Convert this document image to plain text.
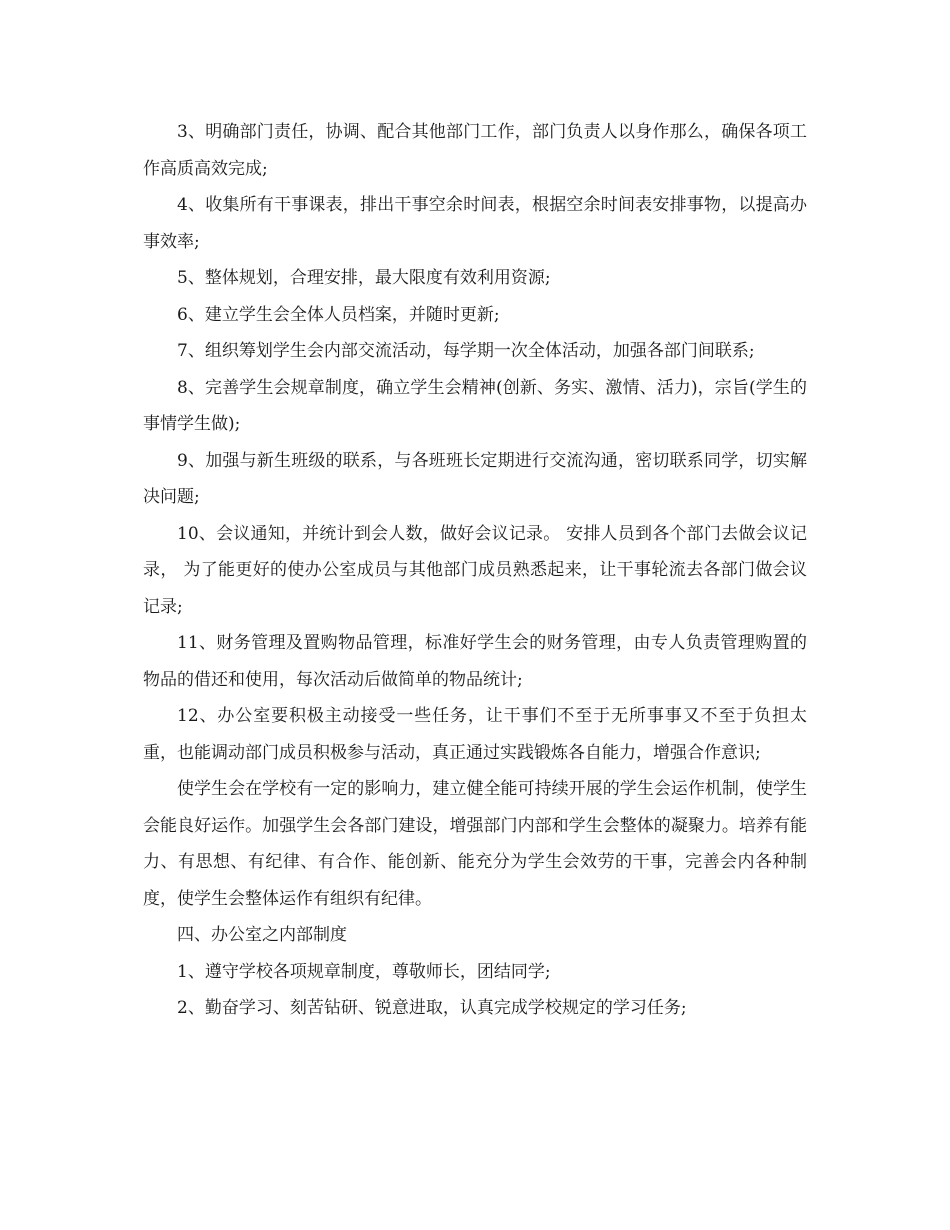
3、明确部门责任，协调、配合其他部门工作，部门负责人以身作那么，确保各项工作高质高效完成;

4、收集所有干事课表，排出干事空余时间表，根据空余时间表安排事物，以提高办事效率;

5、整体规划，合理安排，最大限度有效利用资源;

6、建立学生会全体人员档案，并随时更新;

7、组织筹划学生会内部交流活动，每学期一次全体活动，加强各部门间联系;

8、完善学生会规章制度，确立学生会精神(创新、务实、激情、活力)，宗旨(学生的事情学生做);

9、加强与新生班级的联系，与各班班长定期进行交流沟通，密切联系同学，切实解决问题;

10、会议通知，并统计到会人数，做好会议记录。 安排人员到各个部门去做会议记录， 为了能更好的使办公室成员与其他部门成员熟悉起来，让干事轮流去各部门做会议记录;

11、财务管理及置购物品管理，标准好学生会的财务管理，由专人负责管理购置的物品的借还和使用，每次活动后做简单的物品统计;

12、办公室要积极主动接受一些任务，让干事们不至于无所事事又不至于负担太重，也能调动部门成员积极参与活动，真正通过实践锻炼各自能力，增强合作意识;

使学生会在学校有一定的影响力，建立健全能可持续开展的学生会运作机制，使学生会能良好运作。加强学生会各部门建设，增强部门内部和学生会整体的凝聚力。培养有能力、有思想、有纪律、有合作、能创新、能充分为学生会效劳的干事，完善会内各种制度，使学生会整体运作有组织有纪律。

四、办公室之内部制度

1、遵守学校各项规章制度，尊敬师长，团结同学;

2、勤奋学习、刻苦钻研、锐意进取，认真完成学校规定的学习任务;
